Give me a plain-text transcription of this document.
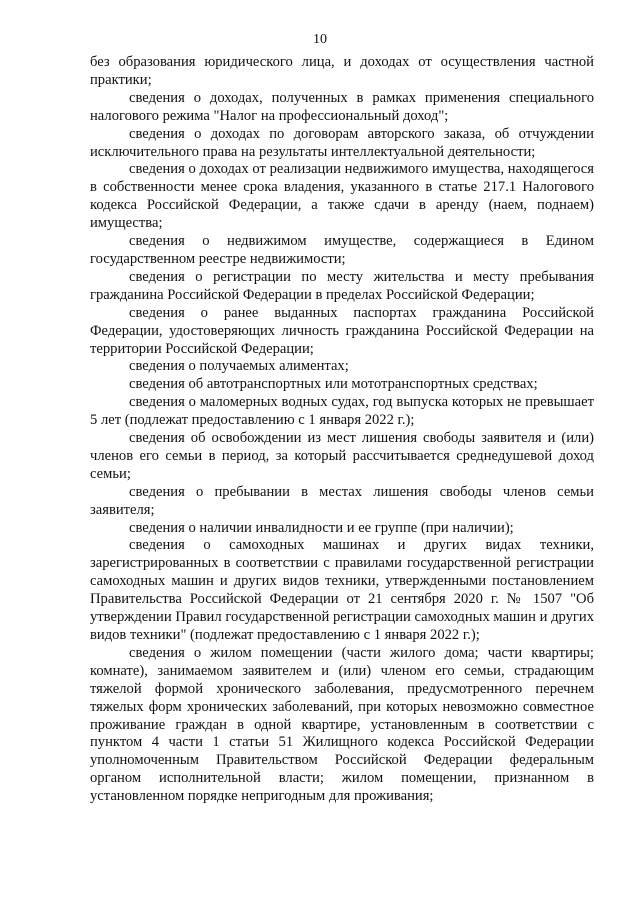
10

без образования юридического лица, и доходах от осуществления частной практики;

сведения о доходах, полученных в рамках применения специального налогового режима "Налог на профессиональный доход";

сведения о доходах по договорам авторского заказа, об отчуждении исключительного права на результаты интеллектуальной деятельности;

сведения о доходах от реализации недвижимого имущества, находящегося в собственности менее срока владения, указанного в статье 217.1 Налогового кодекса Российской Федерации, а также сдачи в аренду (наем, поднаем) имущества;

сведения о недвижимом имуществе, содержащиеся в Едином государственном реестре недвижимости;

сведения о регистрации по месту жительства и месту пребывания гражданина Российской Федерации в пределах Российской Федерации;

сведения о ранее выданных паспортах гражданина Российской Федерации, удостоверяющих личность гражданина Российской Федерации на территории Российской Федерации;

сведения о получаемых алиментах;

сведения об автотранспортных или мототранспортных средствах;

сведения о маломерных водных судах, год выпуска которых не превышает 5 лет (подлежат предоставлению с 1 января 2022 г.);

сведения об освобождении из мест лишения свободы заявителя и (или) членов его семьи в период, за который рассчитывается среднедушевой доход семьи;

сведения о пребывании в местах лишения свободы членов семьи заявителя;

сведения о наличии инвалидности и ее группе (при наличии);

сведения о самоходных машинах и других видах техники, зарегистрированных в соответствии с правилами государственной регистрации самоходных машин и других видов техники, утвержденными постановлением Правительства Российской Федерации от 21 сентября 2020 г. № 1507 "Об утверждении Правил государственной регистрации самоходных машин и других видов техники" (подлежат предоставлению с 1 января 2022 г.);

сведения о жилом помещении (части жилого дома; части квартиры; комнате), занимаемом заявителем и (или) членом его семьи, страдающим тяжелой формой хронического заболевания, предусмотренного перечнем тяжелых форм хронических заболеваний, при которых невозможно совместное проживание граждан в одной квартире, установленным в соответствии с пунктом 4 части 1 статьи 51 Жилищного кодекса Российской Федерации уполномоченным Правительством Российской Федерации федеральным органом исполнительной власти; жилом помещении, признанном в установленном порядке непригодным для проживания;
